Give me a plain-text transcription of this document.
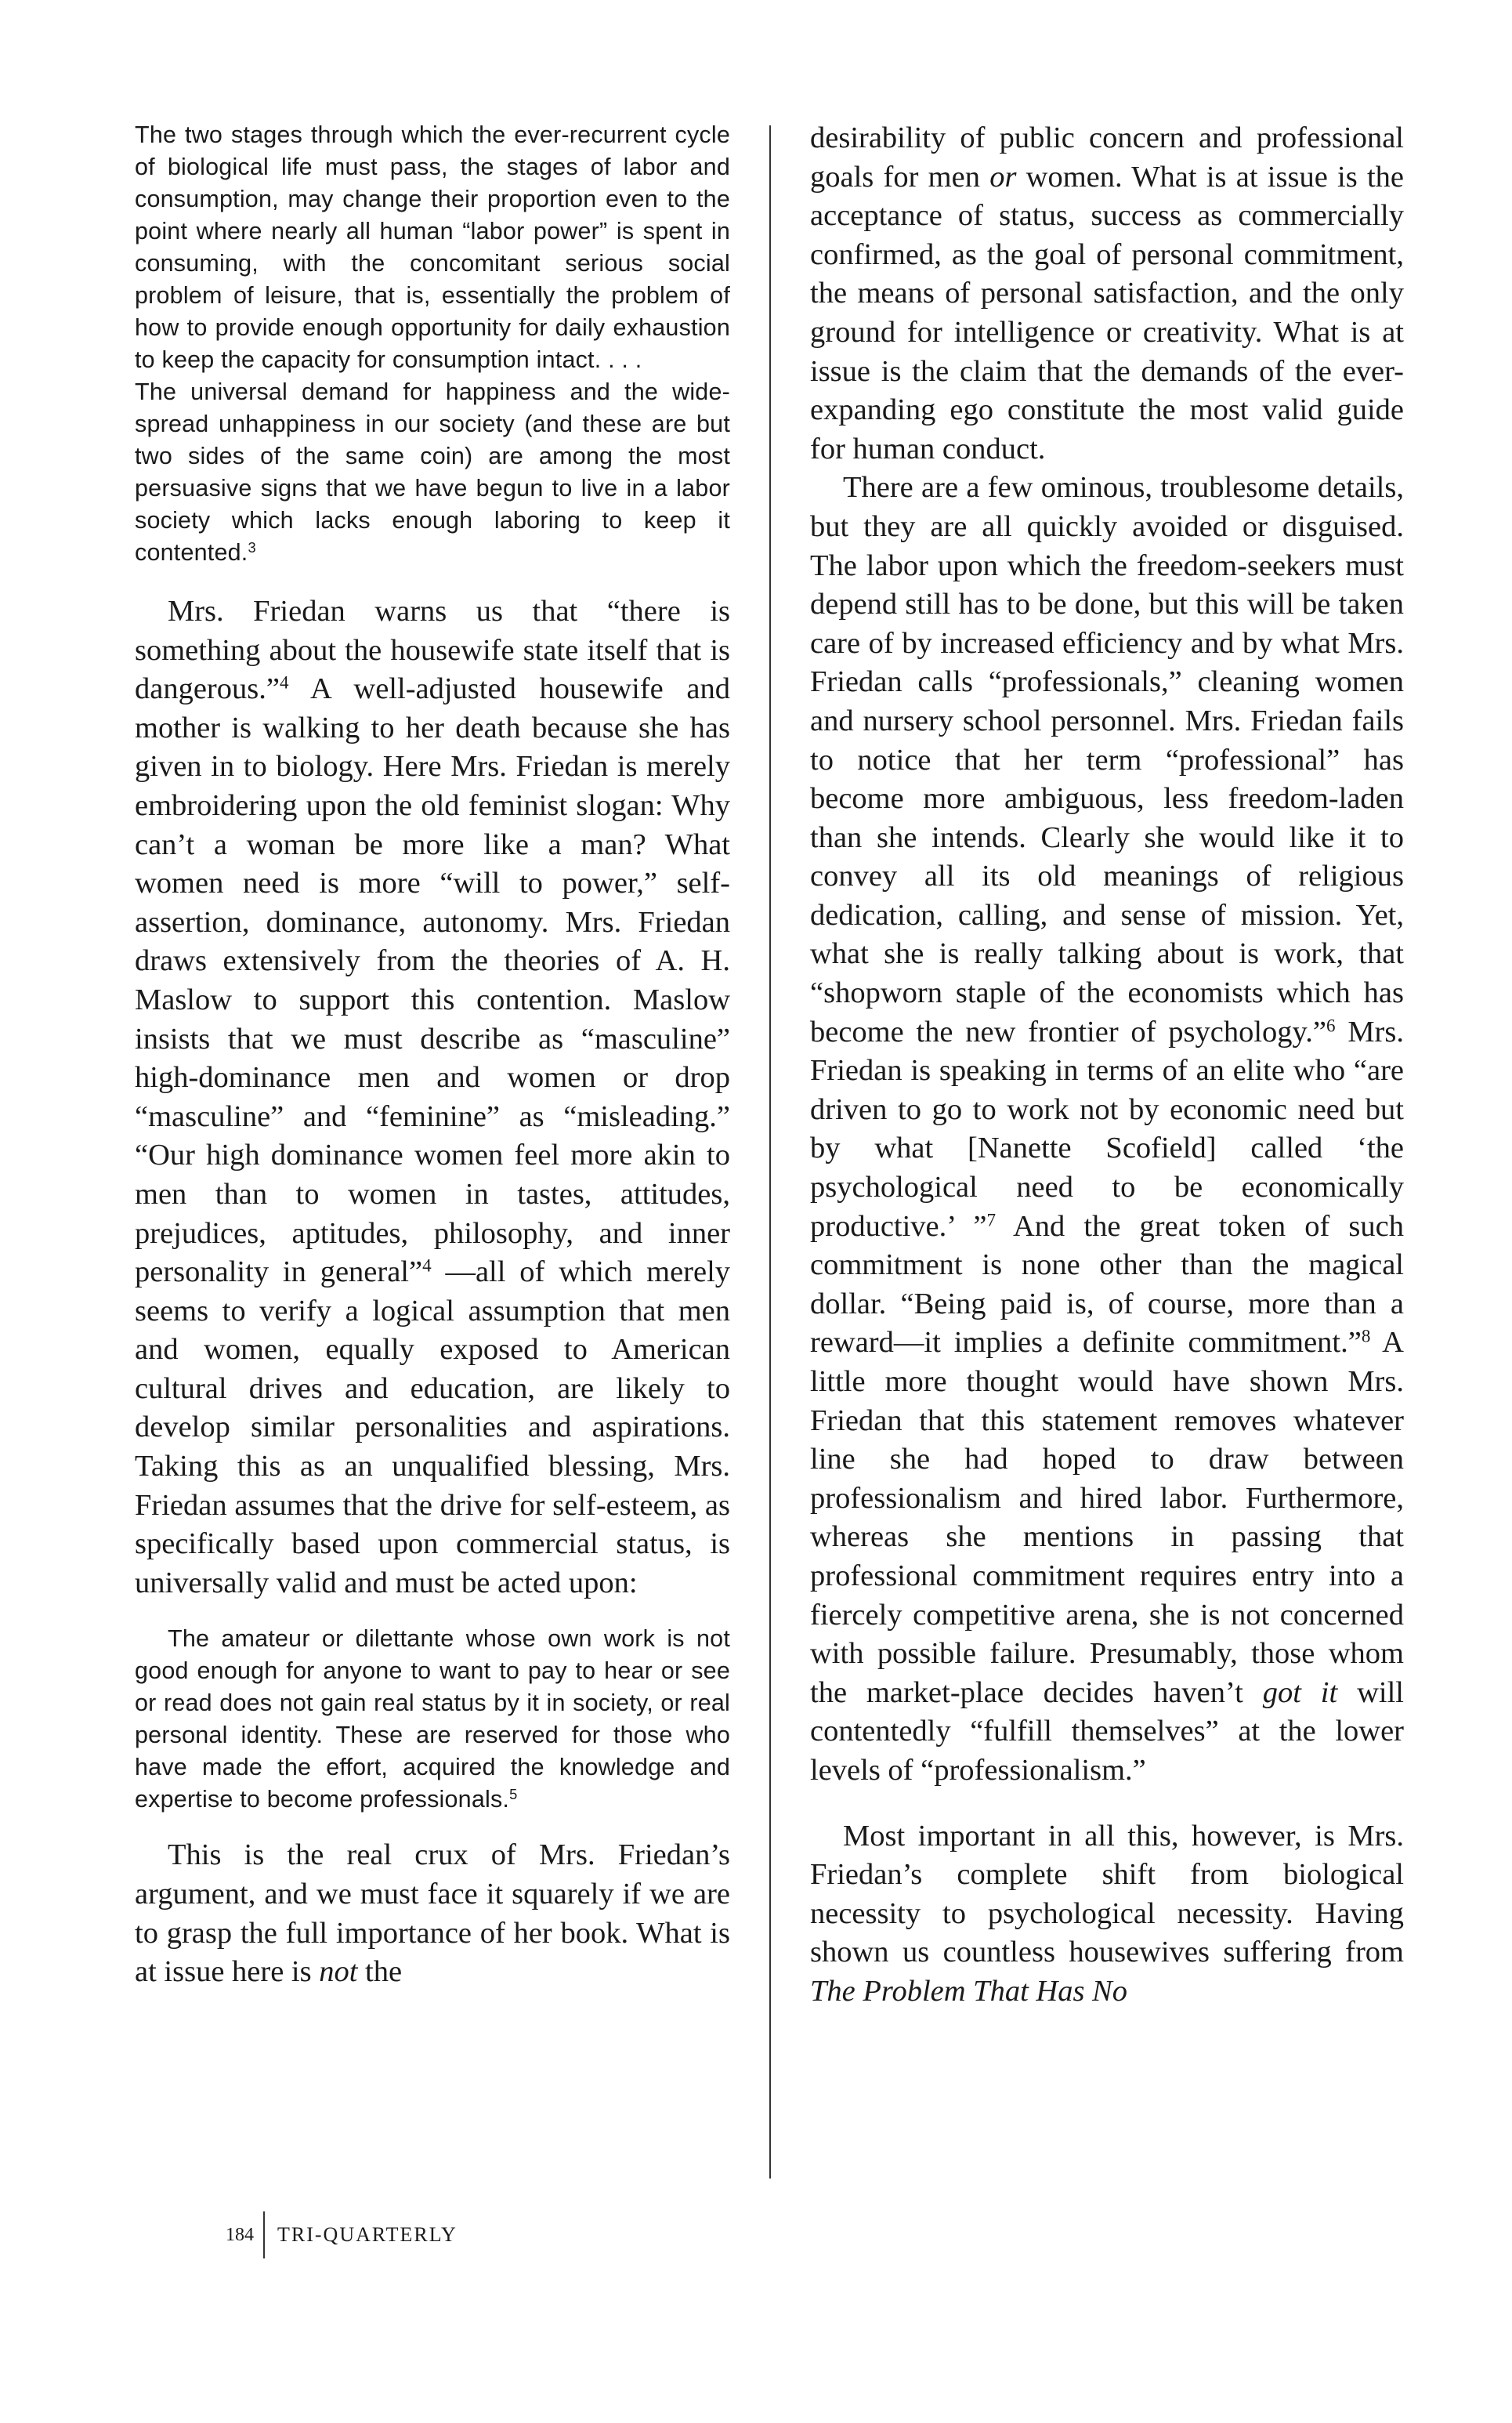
The two stages through which the ever-recurrent cycle of biological life must pass, the stages of labor and consumption, may change their proportion even to the point where nearly all human “labor power” is spent in consuming, with the concomitant serious social problem of leisure, that is, essentially the problem of how to provide enough opportunity for daily exhaustion to keep the capacity for consumption intact. . . .

The universal demand for happiness and the wide-spread unhappiness in our society (and these are but two sides of the same coin) are among the most persuasive signs that we have begun to live in a labor society which lacks enough laboring to keep it contented.$^3$

Mrs. Friedan warns us that “there is something about the housewife state itself that is dangerous.”$^4$ A well-adjusted housewife and mother is walking to her death because she has given in to biology. Here Mrs. Friedan is merely embroidering upon the old feminist slogan: Why can’t a woman be more like a man? What women need is more “will to power,” self-assertion, dominance, autonomy. Mrs. Friedan draws extensively from the theories of A. H. Maslow to support this contention. Maslow insists that we must describe as “masculine” high-dominance men and women or drop “masculine” and “feminine” as “misleading.” “Our high dominance women feel more akin to men than to women in tastes, attitudes, prejudices, aptitudes, philosophy, and inner personality in general”$^4$ —all of which merely seems to verify a logical assumption that men and women, equally exposed to American cultural drives and education, are likely to develop similar personalities and aspirations. Taking this as an unqualified blessing, Mrs. Friedan assumes that the drive for self-esteem, as specifically based upon commercial status, is universally valid and must be acted upon:

The amateur or dilettante whose own work is not good enough for anyone to want to pay to hear or see or read does not gain real status by it in society, or real personal identity. These are reserved for those who have made the effort, acquired the knowledge and expertise to become professionals.$^5$

This is the real crux of Mrs. Friedan’s argument, and we must face it squarely if we are to grasp the full importance of her book. What is at issue here is not the

desirability of public concern and professional goals for men or women. What is at issue is the acceptance of status, success as commercially confirmed, as the goal of personal commitment, the means of personal satisfaction, and the only ground for intelligence or creativity. What is at issue is the claim that the demands of the ever-expanding ego constitute the most valid guide for human conduct.

There are a few ominous, troublesome details, but they are all quickly avoided or disguised. The labor upon which the freedom-seekers must depend still has to be done, but this will be taken care of by increased efficiency and by what Mrs. Friedan calls “professionals,” cleaning women and nursery school personnel. Mrs. Friedan fails to notice that her term “professional” has become more ambiguous, less freedom-laden than she intends. Clearly she would like it to convey all its old meanings of religious dedication, calling, and sense of mission. Yet, what she is really talking about is work, that “shopworn staple of the economists which has become the new frontier of psychology.”$^6$ Mrs. Friedan is speaking in terms of an elite who “are driven to go to work not by economic need but by what [Nanette Scofield] called ‘the psychological need to be economically productive.’ ”$^7$ And the great token of such commitment is none other than the magical dollar. “Being paid is, of course, more than a reward—it implies a definite commitment.”$^8$ A little more thought would have shown Mrs. Friedan that this statement removes whatever line she had hoped to draw between professionalism and hired labor. Furthermore, whereas she mentions in passing that professional commitment requires entry into a fiercely competitive arena, she is not concerned with possible failure. Presumably, those whom the market-place decides haven’t got it will contentedly “fulfill themselves” at the lower levels of “professionalism.”

Most important in all this, however, is Mrs. Friedan’s complete shift from biological necessity to psychological necessity. Having shown us countless housewives suffering from The Problem That Has No

184 TRI-QUARTERLY
